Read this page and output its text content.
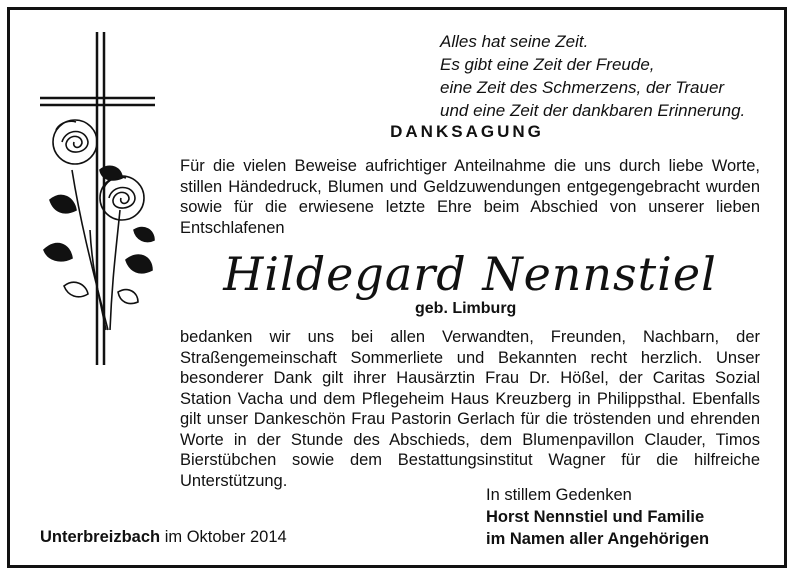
Alles hat seine Zeit.
Es gibt eine Zeit der Freude,
eine Zeit des Schmerzens, der Trauer
und eine Zeit der dankbaren Erinnerung.
DANKSAGUNG

Für die vielen Beweise aufrichtiger Anteilnahme die uns durch liebe Worte, stillen Händedruck, Blumen und Geldzuwendungen entgegengebracht wurden sowie für die erwiesene letzte Ehre beim Abschied von unserer lieben Entschlafenen

Hildegard Nennstiel
geb. Limburg

bedanken wir uns bei allen Verwandten, Freunden, Nachbarn, der Straßengemeinschaft Sommerliete und Bekannten recht herzlich. Unser besonderer Dank gilt ihrer Hausärztin Frau Dr. Hößel, der Caritas Sozial Station Vacha und dem Pflegeheim Haus Kreuzberg in Philippsthal. Ebenfalls gilt unser Dankeschön Frau Pastorin Gerlach für die tröstenden und ehrenden Worte in der Stunde des Abschieds, dem Blumenpavillon Clauder, Timos Bierstübchen sowie dem Bestattungsinstitut Wagner für die hilfreiche Unterstützung.

In stillem Gedenken
Horst Nennstiel und Familie
im Namen aller Angehörigen
Unterbreizbach im Oktober 2014
